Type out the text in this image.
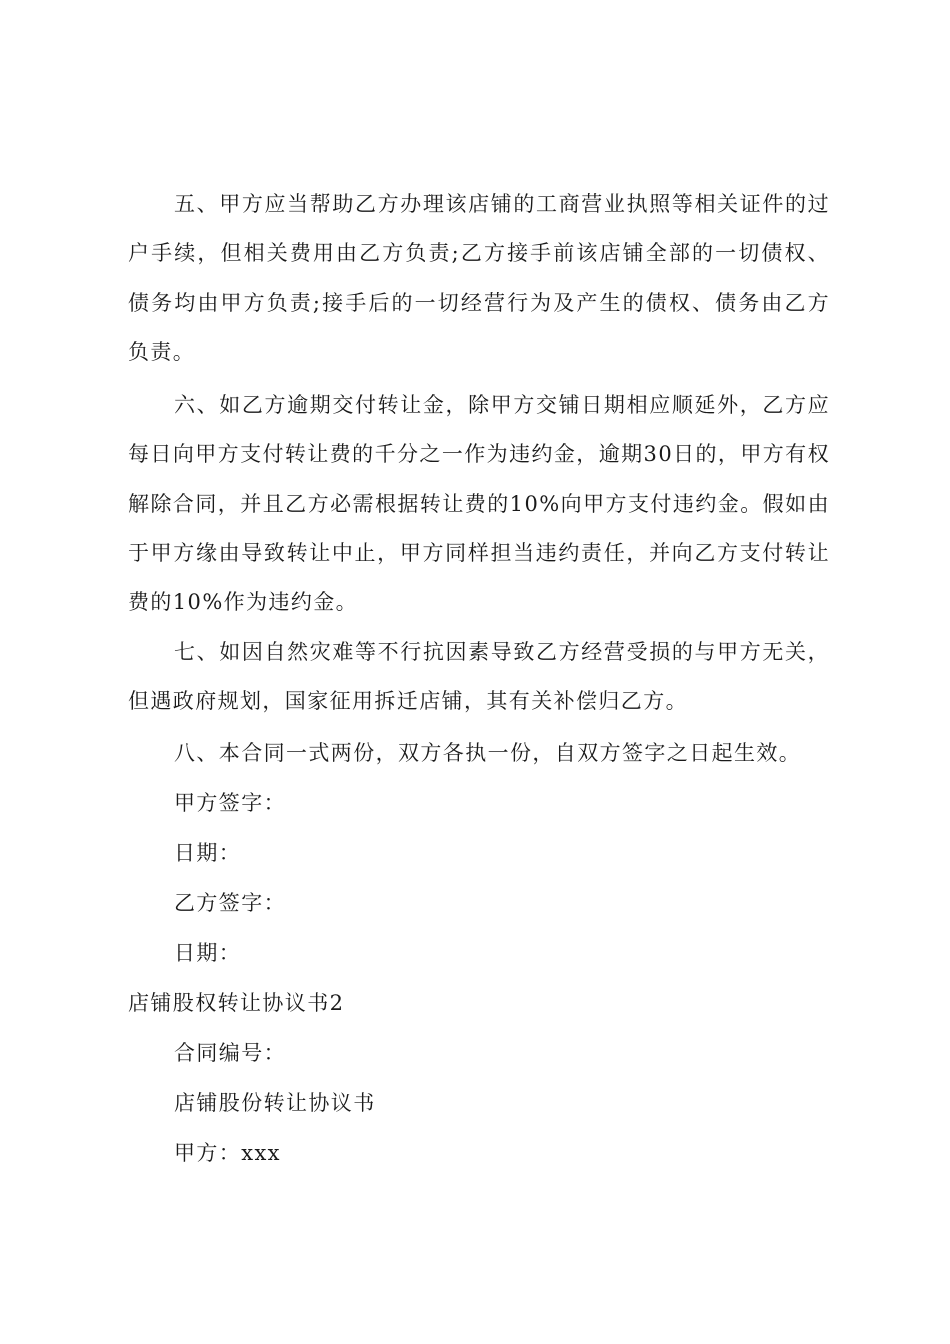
五、甲方应当帮助乙方办理该店铺的工商营业执照等相关证件的过户手续，但相关费用由乙方负责;乙方接手前该店铺全部的一切债权、债务均由甲方负责;接手后的一切经营行为及产生的债权、债务由乙方负责。

六、如乙方逾期交付转让金，除甲方交铺日期相应顺延外，乙方应每日向甲方支付转让费的千分之一作为违约金，逾期30日的，甲方有权解除合同，并且乙方必需根据转让费的10%向甲方支付违约金。假如由于甲方缘由导致转让中止，甲方同样担当违约责任，并向乙方支付转让费的10%作为违约金。

七、如因自然灾难等不行抗因素导致乙方经营受损的与甲方无关，但遇政府规划，国家征用拆迁店铺，其有关补偿归乙方。

八、本合同一式两份，双方各执一份，自双方签字之日起生效。

甲方签字：

日期：

乙方签字：

日期：

店铺股权转让协议书2

合同编号：

店铺股份转让协议书

甲方：xxx
